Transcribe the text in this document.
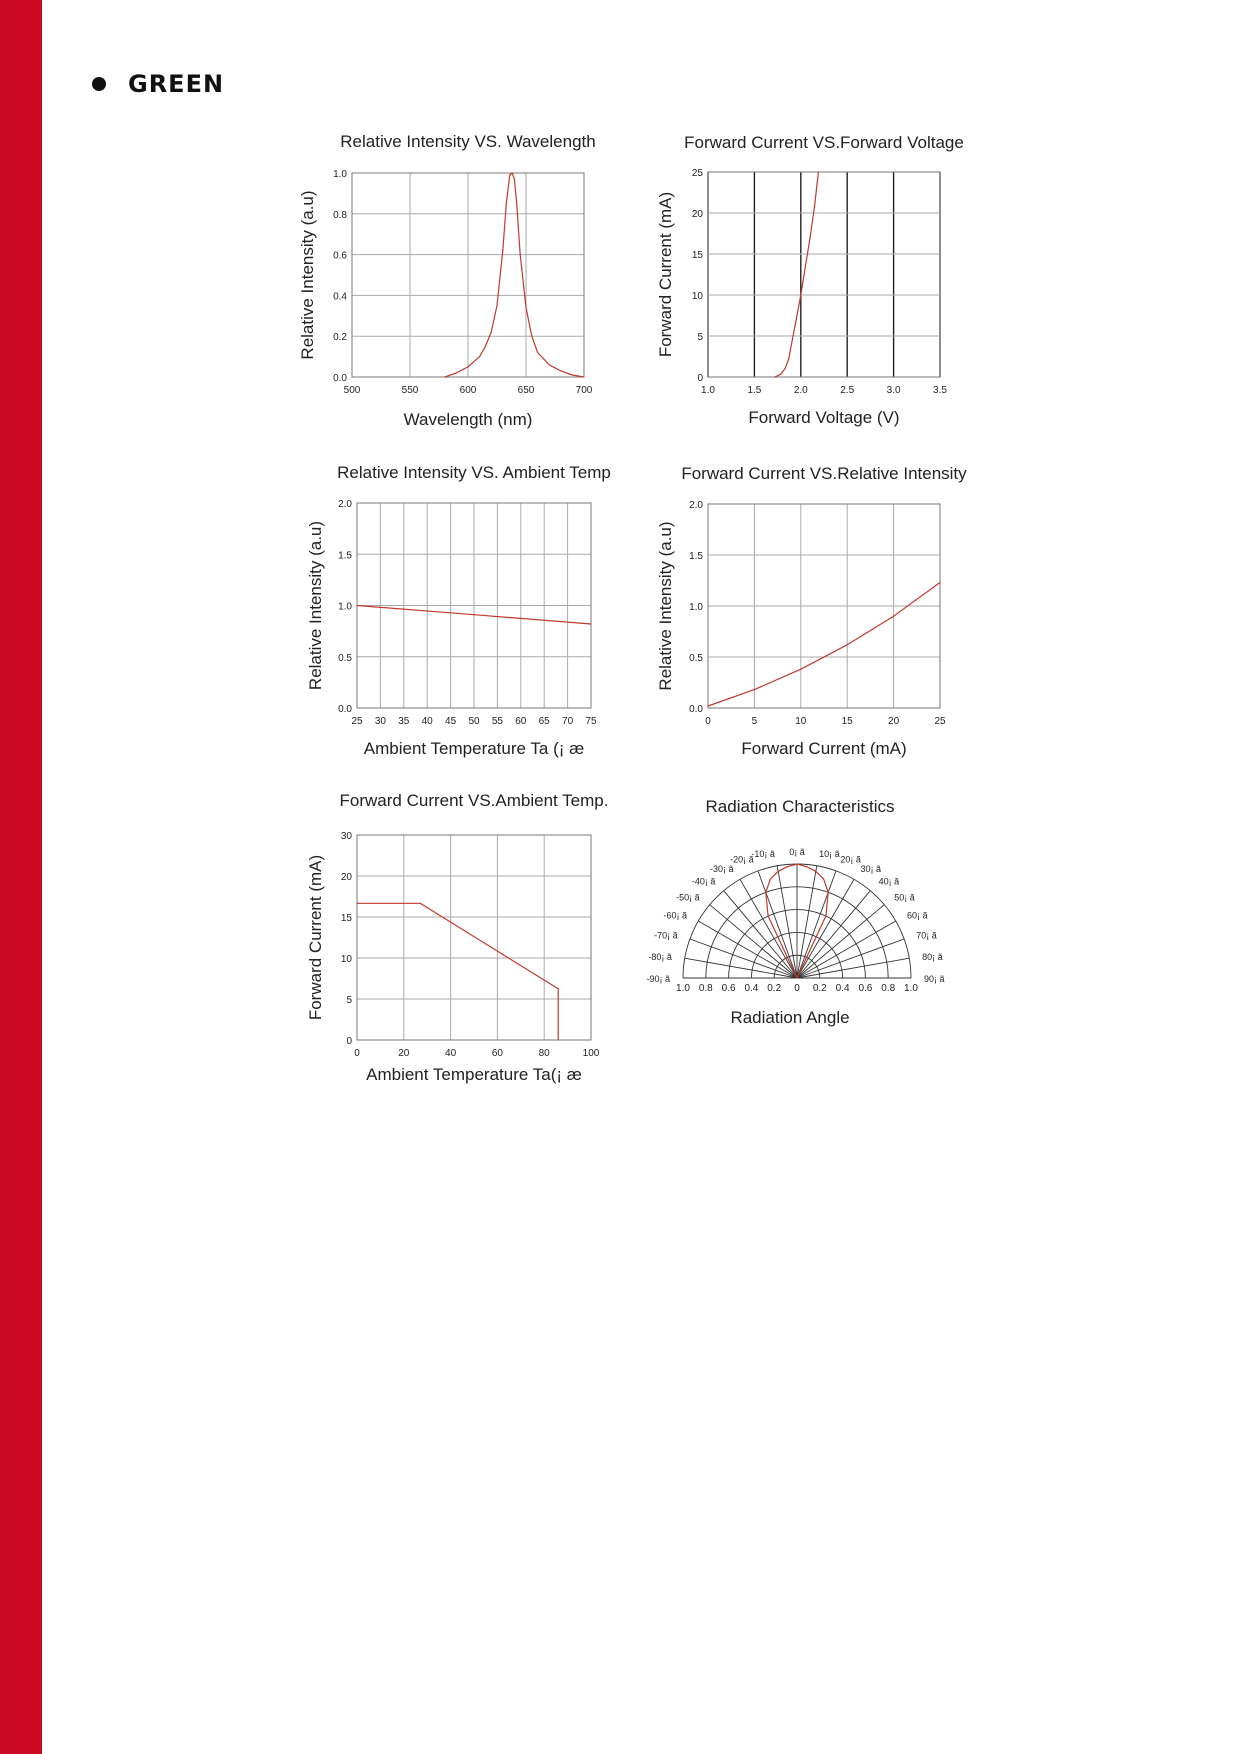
GREEN
500	550	600	650	700
0.0
0.2
0.4
0.6
0.8
1.0
Relative Intensity VS. Wavelength
Wavelength (nm)
Relative Intensity (a.u)
1.0	1.5	2.0	2.5	3.0	3.5
0
5
10
15
20
25
Forward Current VS.Forward Voltage
Forward Voltage (V)
Forward Current (mA)
25 30 35 40 45 50 55 60 65 70 75
0.0
0.5
1.0
1.5
2.0
Relative Intensity VS. Ambient Temp
Ambient Temperature Ta (¡ æ
Relative Intensity (a.u)
0	5	10	15	20	25
0.0
0.5
1.0
1.5
2.0
Forward Current VS.Relative Intensity
Forward Current (mA)
Relative Intensity (a.u)
0	20	40	60	80	100
0
5
10
15
20
30
Forward Current VS.Ambient Temp.
Ambient Temperature Ta(¡ æ
Forward Current (mA)
0¡ ã 10¡ ã
20¡ ã
30¡ ã
40¡ ã
50¡ ã
60¡ ã
70¡ ã
80¡ ã
90¡ ã
-10¡ ã
-20¡ ã
-30¡ ã
-40¡ ã
-50¡ ã
-60¡ ã
-70¡ ã
-80¡ ã
-90¡ ã
1.0 0.8 0.6 0.4 0.2 0 0.2 0.4 0.6 0.8 1.0
Radiation Characteristics
Radiation Angle
